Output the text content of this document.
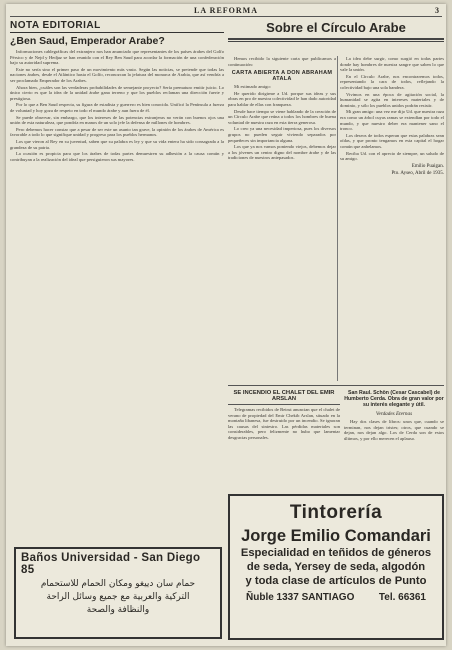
LA REFORMA	3
NOTA EDITORIAL
¿Ben Saud, Emperador Arabe?

Informaciones cablegráficas del extranjero nos han anunciado que representantes de los países árabes del Golfo Pérsico y de Nejd y Hedjaz se han reunido con el Rey Ben Saud para acordar la formación de una confederación bajo su autoridad suprema.

Este no sería sino el primer paso de un movimiento más vasto. Según las noticias, se pretende que todas las naciones árabes, desde el Atlántico hasta el Golfo, reconozcan la jefatura del monarca de Arabia, que así vendría a ser proclamado Emperador de los Arabes.

Ahora bien, ¿cuáles son las verdaderas probabilidades de semejante proyecto? Sería prematuro emitir juicio. Lo único cierto es que la idea de la unidad árabe gana terreno y que los pueblos reclaman una dirección fuerte y prestigiosa.

Por lo que a Ben Saud respecta, su figura de estadista y guerrero es bien conocida. Unificó la Península a fuerza de voluntad y hoy goza de respeto en todo el mundo árabe y aun fuera de él.

Se puede observar, sin embargo, que los intereses de las potencias extranjeras no verán con buenos ojos una unión de esta naturaleza, que pondría en manos de un solo jefe la defensa de millones de hombres.

Pero debemos hacer constar que a pesar de ser este un asunto tan grave, la opinión de los árabes de América es favorable a todo lo que signifique unidad y progreso para los pueblos hermanos.

Los que vieron al Rey en su juventud, saben que su palabra es ley y que su vida entera ha sido consagrada a la grandeza de su patria.

La ocasión es propicia para que los árabes de todas partes demuestren su adhesión a la causa común y contribuyan a la realización del ideal que persiguieron sus mayores.

Sobre el Círculo Arabe

Hemos recibido la siguiente carta que publicamos a continuación:

CARTA ABIERTA A DON ABRAHAM ATALA

Mi estimado amigo:

He querido dirigirme a Ud. porque sus ideas y sus obras en pro de nuestra colectividad le han dado autoridad para hablar de ellas con franqueza.

Desde hace tiempo se viene hablando de la creación de un Círculo Arabe que reúna a todos los hombres de buena voluntad de nuestra raza en esta tierra generosa.

Lo creo ya una necesidad imperiosa, pues los diversos grupos no pueden seguir viviendo separados por pequeñeces sin importancia alguna.

Los que ya nos vamos poniendo viejos, debemos dejar a los jóvenes un centro digno del nombre árabe y de las tradiciones de nuestros antepasados.

La idea debe surgir, como surgió en todas partes donde hay hombres de nuestra sangre que saben lo que vale la unión.

En el Círculo Arabe, nos encontraremos todos, representando la cara de todos, reflejando la colectividad bajo una sola bandera.

Vivimos en una época de agitación social, la humanidad se agita en intereses materiales y de dominio, y sólo los pueblos unidos podrán resistir.

Mi gran amigo: una vez me dijo Ud. que nuestra raza era como un árbol cuyas ramas se extendían por todo el mundo, y que nuestro deber era mantener sano el tronco.

Los deseos de todos esperan que estas palabras sean oídas, y que pronto tengamos en esta capital el hogar común que anhelamos.

Reciba Ud. con el aprecio de siempre, un saludo de su amigo.

Emilio Puaigan.
Pto. Ayseo, Abril de 1935.
SE INCENDIO EL CHALET DEL EMIR ARSLAN

Telegramas recibidos de Beirut anuncian que el chalet de verano de propiedad del Emir Chekib Arslan, situado en la montaña libanesa, fue destruido por un incendio. Se ignoran las causas del siniestro. Las pérdidas materiales son considerables, pero felizmente no hubo que lamentar desgracias personales.

San Raul. Schön (Cesar Cascabel) de Humberto Cerda. Obra de gran valor por su interés elegante y útil.
Verdades Eternas

Hay dos clases de libros: unos que, cuando se terminan, nos dejan tristes; otros, que cuando se dejan, nos dejan algo. Los de Cerda son de estos últimos, y por ello merecen el aplauso.

Tintorería
Jorge Emilio Comandari
Especialidad en teñidos de géneros
de seda, Yersey de seda, algodón
y toda clase de artículos de Punto
Ñuble 1337 SANTIAGO Tel. 66361
Baños Universidad - San Diego 85
حمام سان دييغو ومكان الحمام للاستحمام
التركية والعربية مع جميع وسائل الراحة
والنظافة والصحة
